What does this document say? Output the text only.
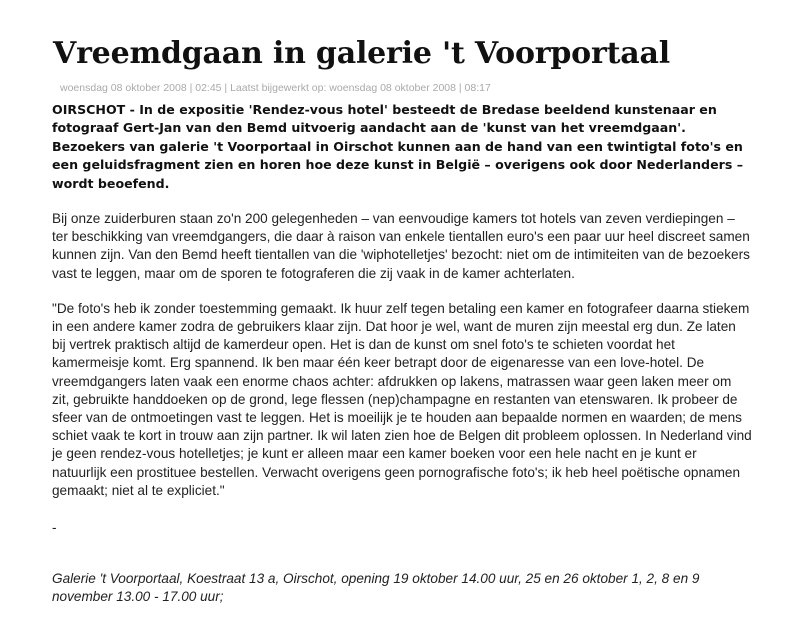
Vreemdgaan in galerie 't Voorportaal
woensdag 08 oktober 2008 | 02:45 | Laatst bijgewerkt op: woensdag 08 oktober 2008 | 08:17
OIRSCHOT - In de expositie 'Rendez-vous hotel' besteedt de Bredase beeldend kunstenaar en fotograaf Gert-Jan van den Bemd uitvoerig aandacht aan de 'kunst van het vreemdgaan'. Bezoekers van galerie 't Voorportaal in Oirschot kunnen aan de hand van een twintigtal foto's en een geluidsfragment zien en horen hoe deze kunst in België – overigens ook door Nederlanders – wordt beoefend.
Bij onze zuiderburen staan zo'n 200 gelegenheden – van eenvoudige kamers tot hotels van zeven verdiepingen – ter beschikking van vreemdgangers, die daar à raison van enkele tientallen euro's een paar uur heel discreet samen kunnen zijn. Van den Bemd heeft tientallen van die 'wiphotelletjes' bezocht: niet om de intimiteiten van de bezoekers vast te leggen, maar om de sporen te fotograferen die zij vaak in de kamer achterlaten.
"De foto's heb ik zonder toestemming gemaakt. Ik huur zelf tegen betaling een kamer en fotografeer daarna stiekem in een andere kamer zodra de gebruikers klaar zijn. Dat hoor je wel, want de muren zijn meestal erg dun. Ze laten bij vertrek praktisch altijd de kamerdeur open. Het is dan de kunst om snel foto's te schieten voordat het kamermeisje komt. Erg spannend. Ik ben maar één keer betrapt door de eigenaresse van een love-hotel. De vreemdgangers laten vaak een enorme chaos achter: afdrukken op lakens, matrassen waar geen laken meer om zit, gebruikte handdoeken op de grond, lege flessen (nep)champagne en restanten van etenswaren. Ik probeer de sfeer van de ontmoetingen vast te leggen. Het is moeilijk je te houden aan bepaalde normen en waarden; de mens schiet vaak te kort in trouw aan zijn partner. Ik wil laten zien hoe de Belgen dit probleem oplossen. In Nederland vind je geen rendez-vous hotelletjes; je kunt er alleen maar een kamer boeken voor een hele nacht en je kunt er natuurlijk een prostituee bestellen. Verwacht overigens geen pornografische foto's; ik heb heel poëtische opnamen gemaakt; niet al te expliciet."
-
Galerie 't Voorportaal, Koestraat 13 a, Oirschot, opening 19 oktober 14.00 uur, 25 en 26 oktober 1, 2, 8 en 9 november 13.00 - 17.00 uur;
